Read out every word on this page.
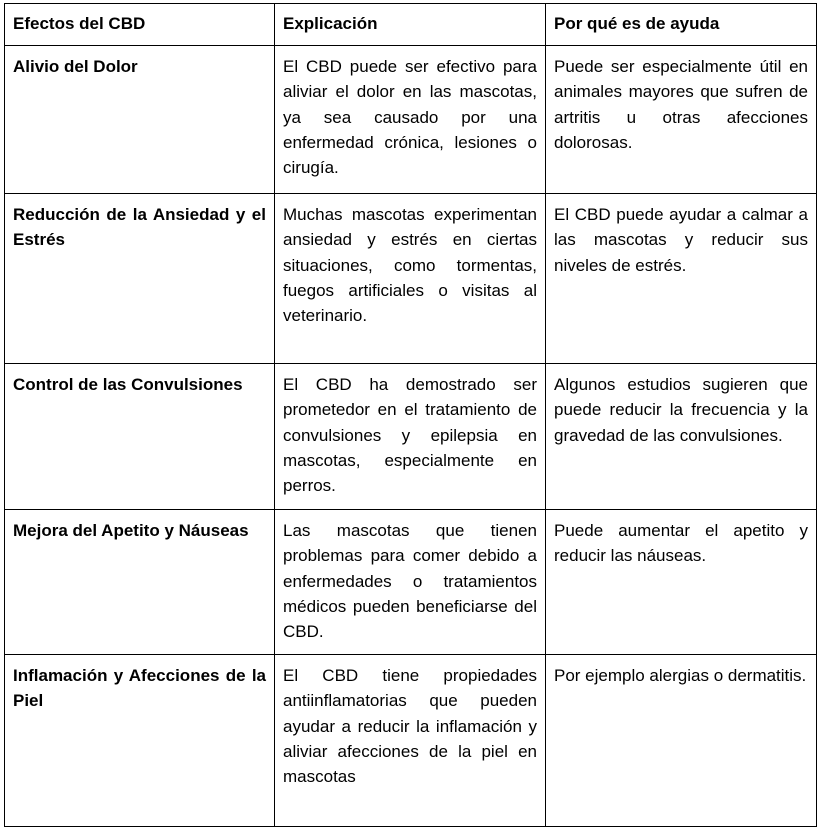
Efectos del CBD	Explicación	Por qué es de ayuda
Alivio del Dolor	El CBD puede ser efectivo para aliviar el dolor en las mascotas, ya sea causado por una enfermedad crónica, lesiones o cirugía.	Puede ser especialmente útil en animales mayores que sufren de artritis u otras afecciones dolorosas.
Reducción de la Ansiedad y el Estrés	Muchas mascotas experimentan ansiedad y estrés en ciertas situaciones, como tormentas, fuegos artificiales o visitas al veterinario.	El CBD puede ayudar a calmar a las mascotas y reducir sus niveles de estrés.
Control de las Convulsiones	El CBD ha demostrado ser prometedor en el tratamiento de convulsiones y epilepsia en mascotas, especialmente en perros.	Algunos estudios sugieren que puede reducir la frecuencia y la gravedad de las convulsiones.
Mejora del Apetito y Náuseas	Las mascotas que tienen problemas para comer debido a enfermedades o tratamientos médicos pueden beneficiarse del CBD.	Puede aumentar el apetito y reducir las náuseas.
Inflamación y Afecciones de la Piel	El CBD tiene propiedades antiinflamatorias que pueden ayudar a reducir la inflamación y aliviar afecciones de la piel en mascotas	Por ejemplo alergias o dermatitis.
